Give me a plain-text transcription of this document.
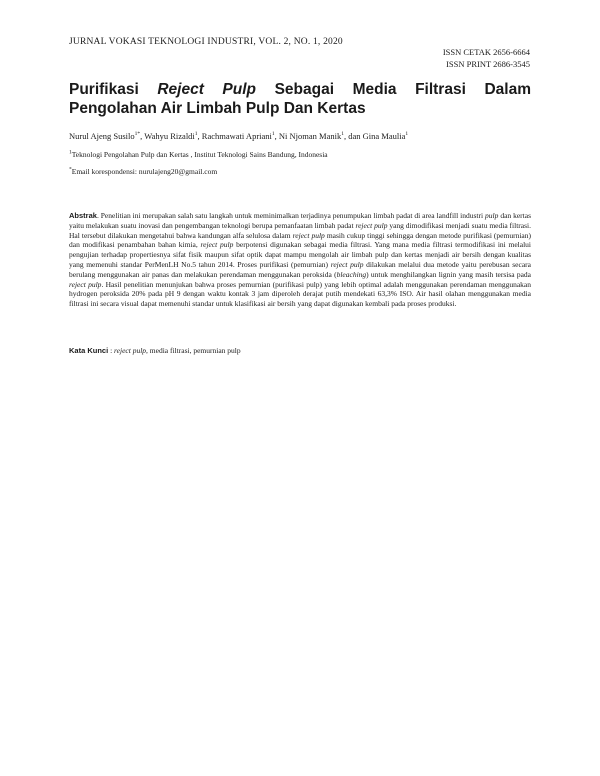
JURNAL VOKASI TEKNOLOGI INDUSTRI, VOL. 2, NO. 1, 2020
ISSN CETAK 2656-6664
ISSN PRINT 2686-3545
Purifikasi Reject Pulp Sebagai Media Filtrasi Dalam Pengolahan Air Limbah Pulp Dan Kertas
Nurul Ajeng Susilo$^{1*}$, Wahyu Rizaldi$^1$, Rachmawati Apriani$^1$, Ni Njoman Manik$^1$, dan Gina Maulia$^1$
$^1$Teknologi Pengolahan Pulp dan Kertas , Institut Teknologi Sains Bandung, Indonesia
*Email korespondensi: nurulajeng20@gmail.com

Abstrak. Penelitian ini merupakan salah satu langkah untuk meminimalkan terjadinya penumpukan limbah padat di area landfill industri pulp dan kertas yaitu melakukan suatu inovasi dan pengembangan teknologi berupa pemanfaatan limbah padat reject pulp yang dimodifikasi menjadi suatu media filtrasi. Hal tersebut dilakukan mengetahui bahwa kandungan alfa selulosa dalam reject pulp masih cukup tinggi sehingga dengan metode purifikasi (pemurnian) dan modifikasi penambahan bahan kimia, reject pulp berpotensi digunakan sebagai media filtrasi. Yang mana media filtrasi termodifikasi ini melalui pengujian terhadap propertiesnya sifat fisik maupun sifat optik dapat mampu mengolah air limbah pulp dan kertas menjadi air bersih dengan kualitas yang memenuhi standar PerMenLH No.5 tahun 2014. Proses purifikasi (pemurnian) reject pulp dilakukan melalui dua metode yaitu perebusan secara berulang menggunakan air panas dan melakukan perendaman menggunakan peroksida (bleaching) untuk menghilangkan lignin yang masih tersisa pada reject pulp. Hasil penelitian menunjukan bahwa proses pemurnian (purifikasi pulp) yang lebih optimal adalah menggunakan perendaman menggunakan hydrogen peroksida 20% pada pH 9 dengan waktu kontak 3 jam diperoleh derajat putih mendekati 63,3% ISO. Air hasil olahan menggunakan media filtrasi ini secara visual dapat memenuhi standar untuk klasifikasi air bersih yang dapat digunakan kembali pada proses produksi.

Kata Kunci : reject pulp, media filtrasi, pemurnian pulp
